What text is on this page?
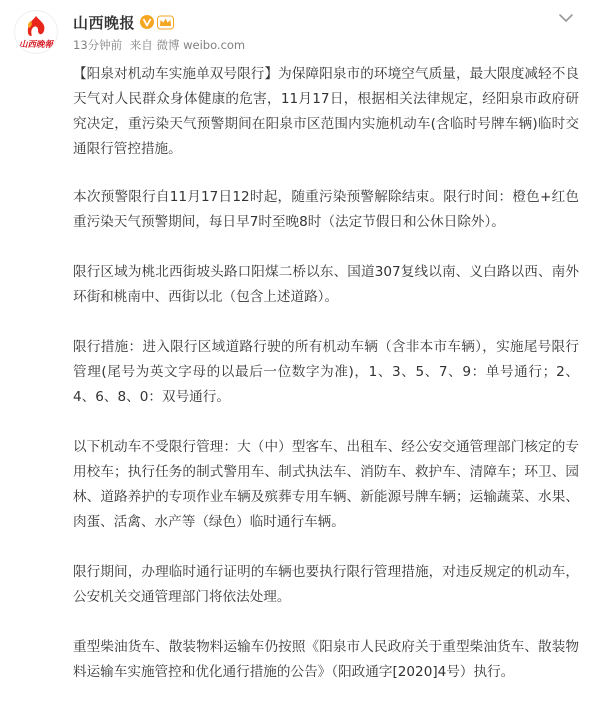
山西晚報
山西晚报
13分钟前 来自 微博 weibo.com

【阳泉对机动车实施单双号限行】为保障阳泉市的环境空气质量，最大限度减轻不良天气对人民群众身体健康的危害，11月17日，根据相关法律规定，经阳泉市政府研究决定，重污染天气预警期间在阳泉市区范围内实施机动车(含临时号牌车辆)临时交通限行管控措施。

本次预警限行自11月17日12时起，随重污染预警解除结束。限行时间：橙色+红色重污染天气预警期间，每日早7时至晚8时（法定节假日和公休日除外）。

限行区域为桃北西街坡头路口阳煤二桥以东、国道307复线以南、义白路以西、南外环街和桃南中、西街以北（包含上述道路）。

限行措施：进入限行区域道路行驶的所有机动车辆（含非本市车辆），实施尾号限行管理(尾号为英文字母的以最后一位数字为准)，1、3、5、7、9：单号通行；2、4、6、8、0：双号通行。

以下机动车不受限行管理：大（中）型客车、出租车、经公安交通管理部门核定的专用校车；执行任务的制式警用车、制式执法车、消防车、救护车、清障车；环卫、园林、道路养护的专项作业车辆及殡葬专用车辆、新能源号牌车辆；运输蔬菜、水果、肉蛋、活禽、水产等（绿色）临时通行车辆。

限行期间，办理临时通行证明的车辆也要执行限行管理措施，对违反规定的机动车，公安机关交通管理部门将依法处理。

重型柴油货车、散装物料运输车仍按照《阳泉市人民政府关于重型柴油货车、散装物料运输车实施管控和优化通行措施的公告》（阳政通字[2020]4号）执行。
